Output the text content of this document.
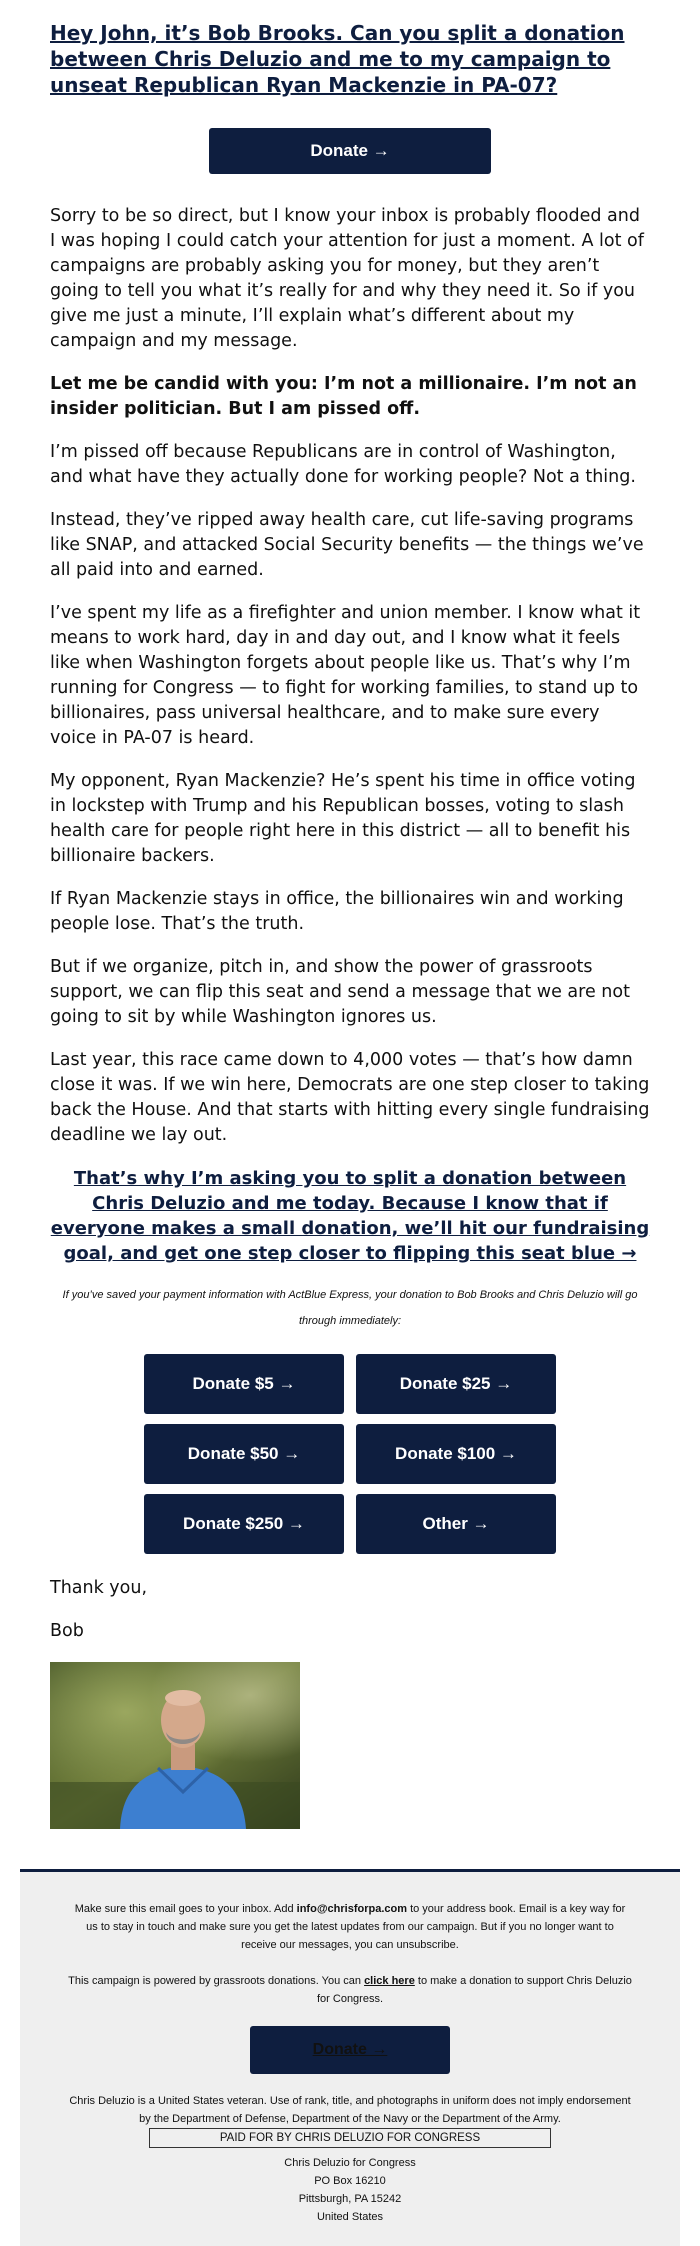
Hey John, it’s Bob Brooks. Can you split a donation between Chris Deluzio and me to my campaign to unseat Republican Ryan Mackenzie in PA-07?
Donate →

Sorry to be so direct, but I know your inbox is probably flooded and I was hoping I could catch your attention for just a moment. A lot of campaigns are probably asking you for money, but they aren’t going to tell you what it’s really for and why they need it. So if you give me just a minute, I’ll explain what’s different about my campaign and my message.

Let me be candid with you: I’m not a millionaire. I’m not an insider politician. But I am pissed off.

I’m pissed off because Republicans are in control of Washington, and what have they actually done for working people? Not a thing.

Instead, they’ve ripped away health care, cut life-saving programs like SNAP, and attacked Social Security benefits — the things we’ve all paid into and earned.

I’ve spent my life as a firefighter and union member. I know what it means to work hard, day in and day out, and I know what it feels like when Washington forgets about people like us. That’s why I’m running for Congress — to fight for working families, to stand up to billionaires, pass universal healthcare, and to make sure every voice in PA-07 is heard.

My opponent, Ryan Mackenzie? He’s spent his time in office voting in lockstep with Trump and his Republican bosses, voting to slash health care for people right here in this district — all to benefit his billionaire backers.

If Ryan Mackenzie stays in office, the billionaires win and working people lose. That’s the truth.

But if we organize, pitch in, and show the power of grassroots support, we can flip this seat and send a message that we are not going to sit by while Washington ignores us.

Last year, this race came down to 4,000 votes — that’s how damn close it was. If we win here, Democrats are one step closer to taking back the House. And that starts with hitting every single fundraising deadline we lay out.

That’s why I’m asking you to split a donation between Chris Deluzio and me today. Because I know that if everyone makes a small donation, we’ll hit our fundraising goal, and get one step closer to flipping this seat blue →

If you’ve saved your payment information with ActBlue Express, your donation to Bob Brooks and Chris Deluzio will go through immediately:

Donate $5 →	Donate $25 →
Donate $50 →	Donate $100 →
Donate $250 →	Other →

Thank you,

Bob

Make sure this email goes to your inbox. Add info@chrisforpa.com to your address book. Email is a key way for us to stay in touch and make sure you get the latest updates from our campaign. But if you no longer want to receive our messages, you can unsubscribe.

This campaign is powered by grassroots donations. You can click here to make a donation to support Chris Deluzio for Congress.

Donate →

Chris Deluzio is a United States veteran. Use of rank, title, and photographs in uniform does not imply endorsement by the Department of Defense, Department of the Navy or the Department of the Army.

PAID FOR BY CHRIS DELUZIO FOR CONGRESS
Chris Deluzio for Congress
PO Box 16210
Pittsburgh, PA 15242
United States
